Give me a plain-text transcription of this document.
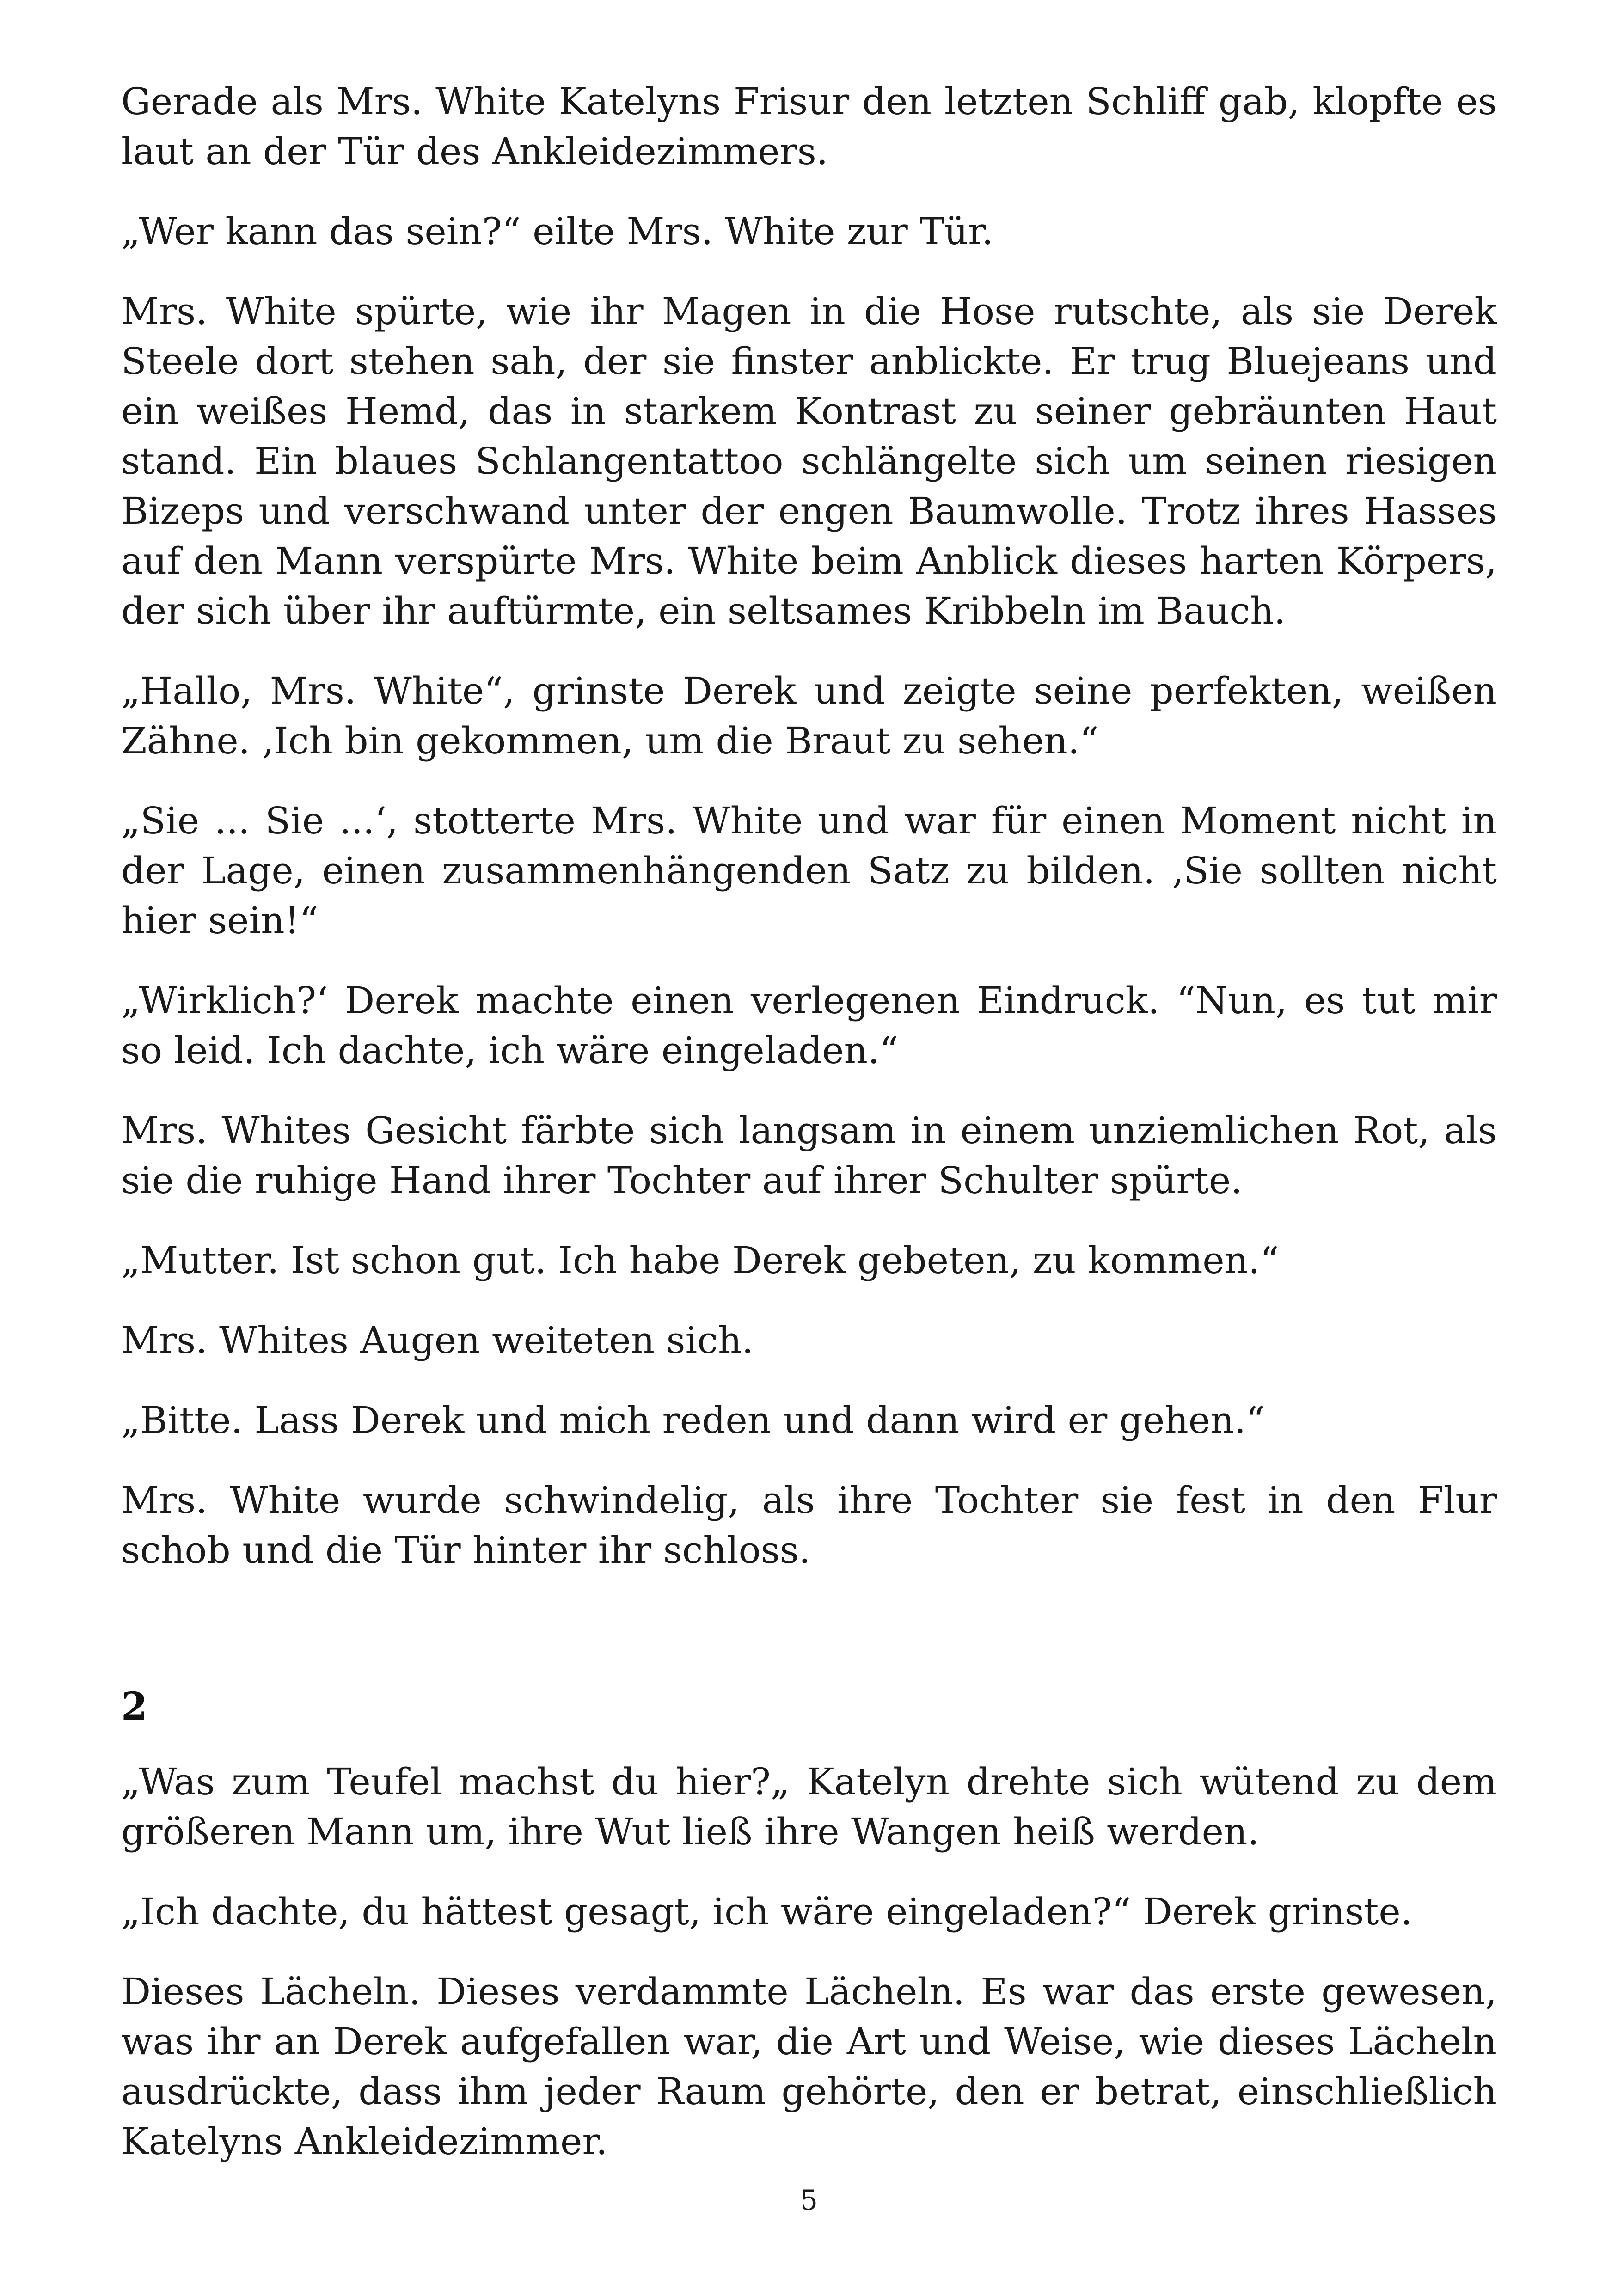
Gerade als Mrs. White Katelyns Frisur den letzten Schliff gab, klopfte es laut an der Tür des Ankleidezimmers.

„Wer kann das sein?“ eilte Mrs. White zur Tür.

Mrs. White spürte, wie ihr Magen in die Hose rutschte, als sie Derek Steele dort stehen sah, der sie finster anblickte. Er trug Bluejeans und ein weißes Hemd, das in starkem Kontrast zu seiner gebräunten Haut stand. Ein blaues Schlangentattoo schlängelte sich um seinen riesigen Bizeps und verschwand unter der engen Baumwolle. Trotz ihres Hasses auf den Mann verspürte Mrs. White beim Anblick dieses harten Körpers, der sich über ihr auftürmte, ein seltsames Kribbeln im Bauch.

„Hallo, Mrs. White“, grinste Derek und zeigte seine perfekten, weißen Zähne. ‚Ich bin gekommen, um die Braut zu sehen.“

„Sie ... Sie ...‘, stotterte Mrs. White und war für einen Moment nicht in der Lage, einen zusammenhängenden Satz zu bilden. ‚Sie sollten nicht hier sein!“

„Wirklich?‘ Derek machte einen verlegenen Eindruck. “Nun, es tut mir so leid. Ich dachte, ich wäre eingeladen.“

Mrs. Whites Gesicht färbte sich langsam in einem unziemlichen Rot, als sie die ruhige Hand ihrer Tochter auf ihrer Schulter spürte.

„Mutter. Ist schon gut. Ich habe Derek gebeten, zu kommen.“

Mrs. Whites Augen weiteten sich.

„Bitte. Lass Derek und mich reden und dann wird er gehen.“

Mrs. White wurde schwindelig, als ihre Tochter sie fest in den Flur schob und die Tür hinter ihr schloss.

2

„Was zum Teufel machst du hier?„ Katelyn drehte sich wütend zu dem größeren Mann um, ihre Wut ließ ihre Wangen heiß werden.

„Ich dachte, du hättest gesagt, ich wäre eingeladen?“ Derek grinste.

Dieses Lächeln. Dieses verdammte Lächeln. Es war das erste gewesen, was ihr an Derek aufgefallen war, die Art und Weise, wie dieses Lächeln ausdrückte, dass ihm jeder Raum gehörte, den er betrat, einschließlich Katelyns Ankleidezimmer.

5
